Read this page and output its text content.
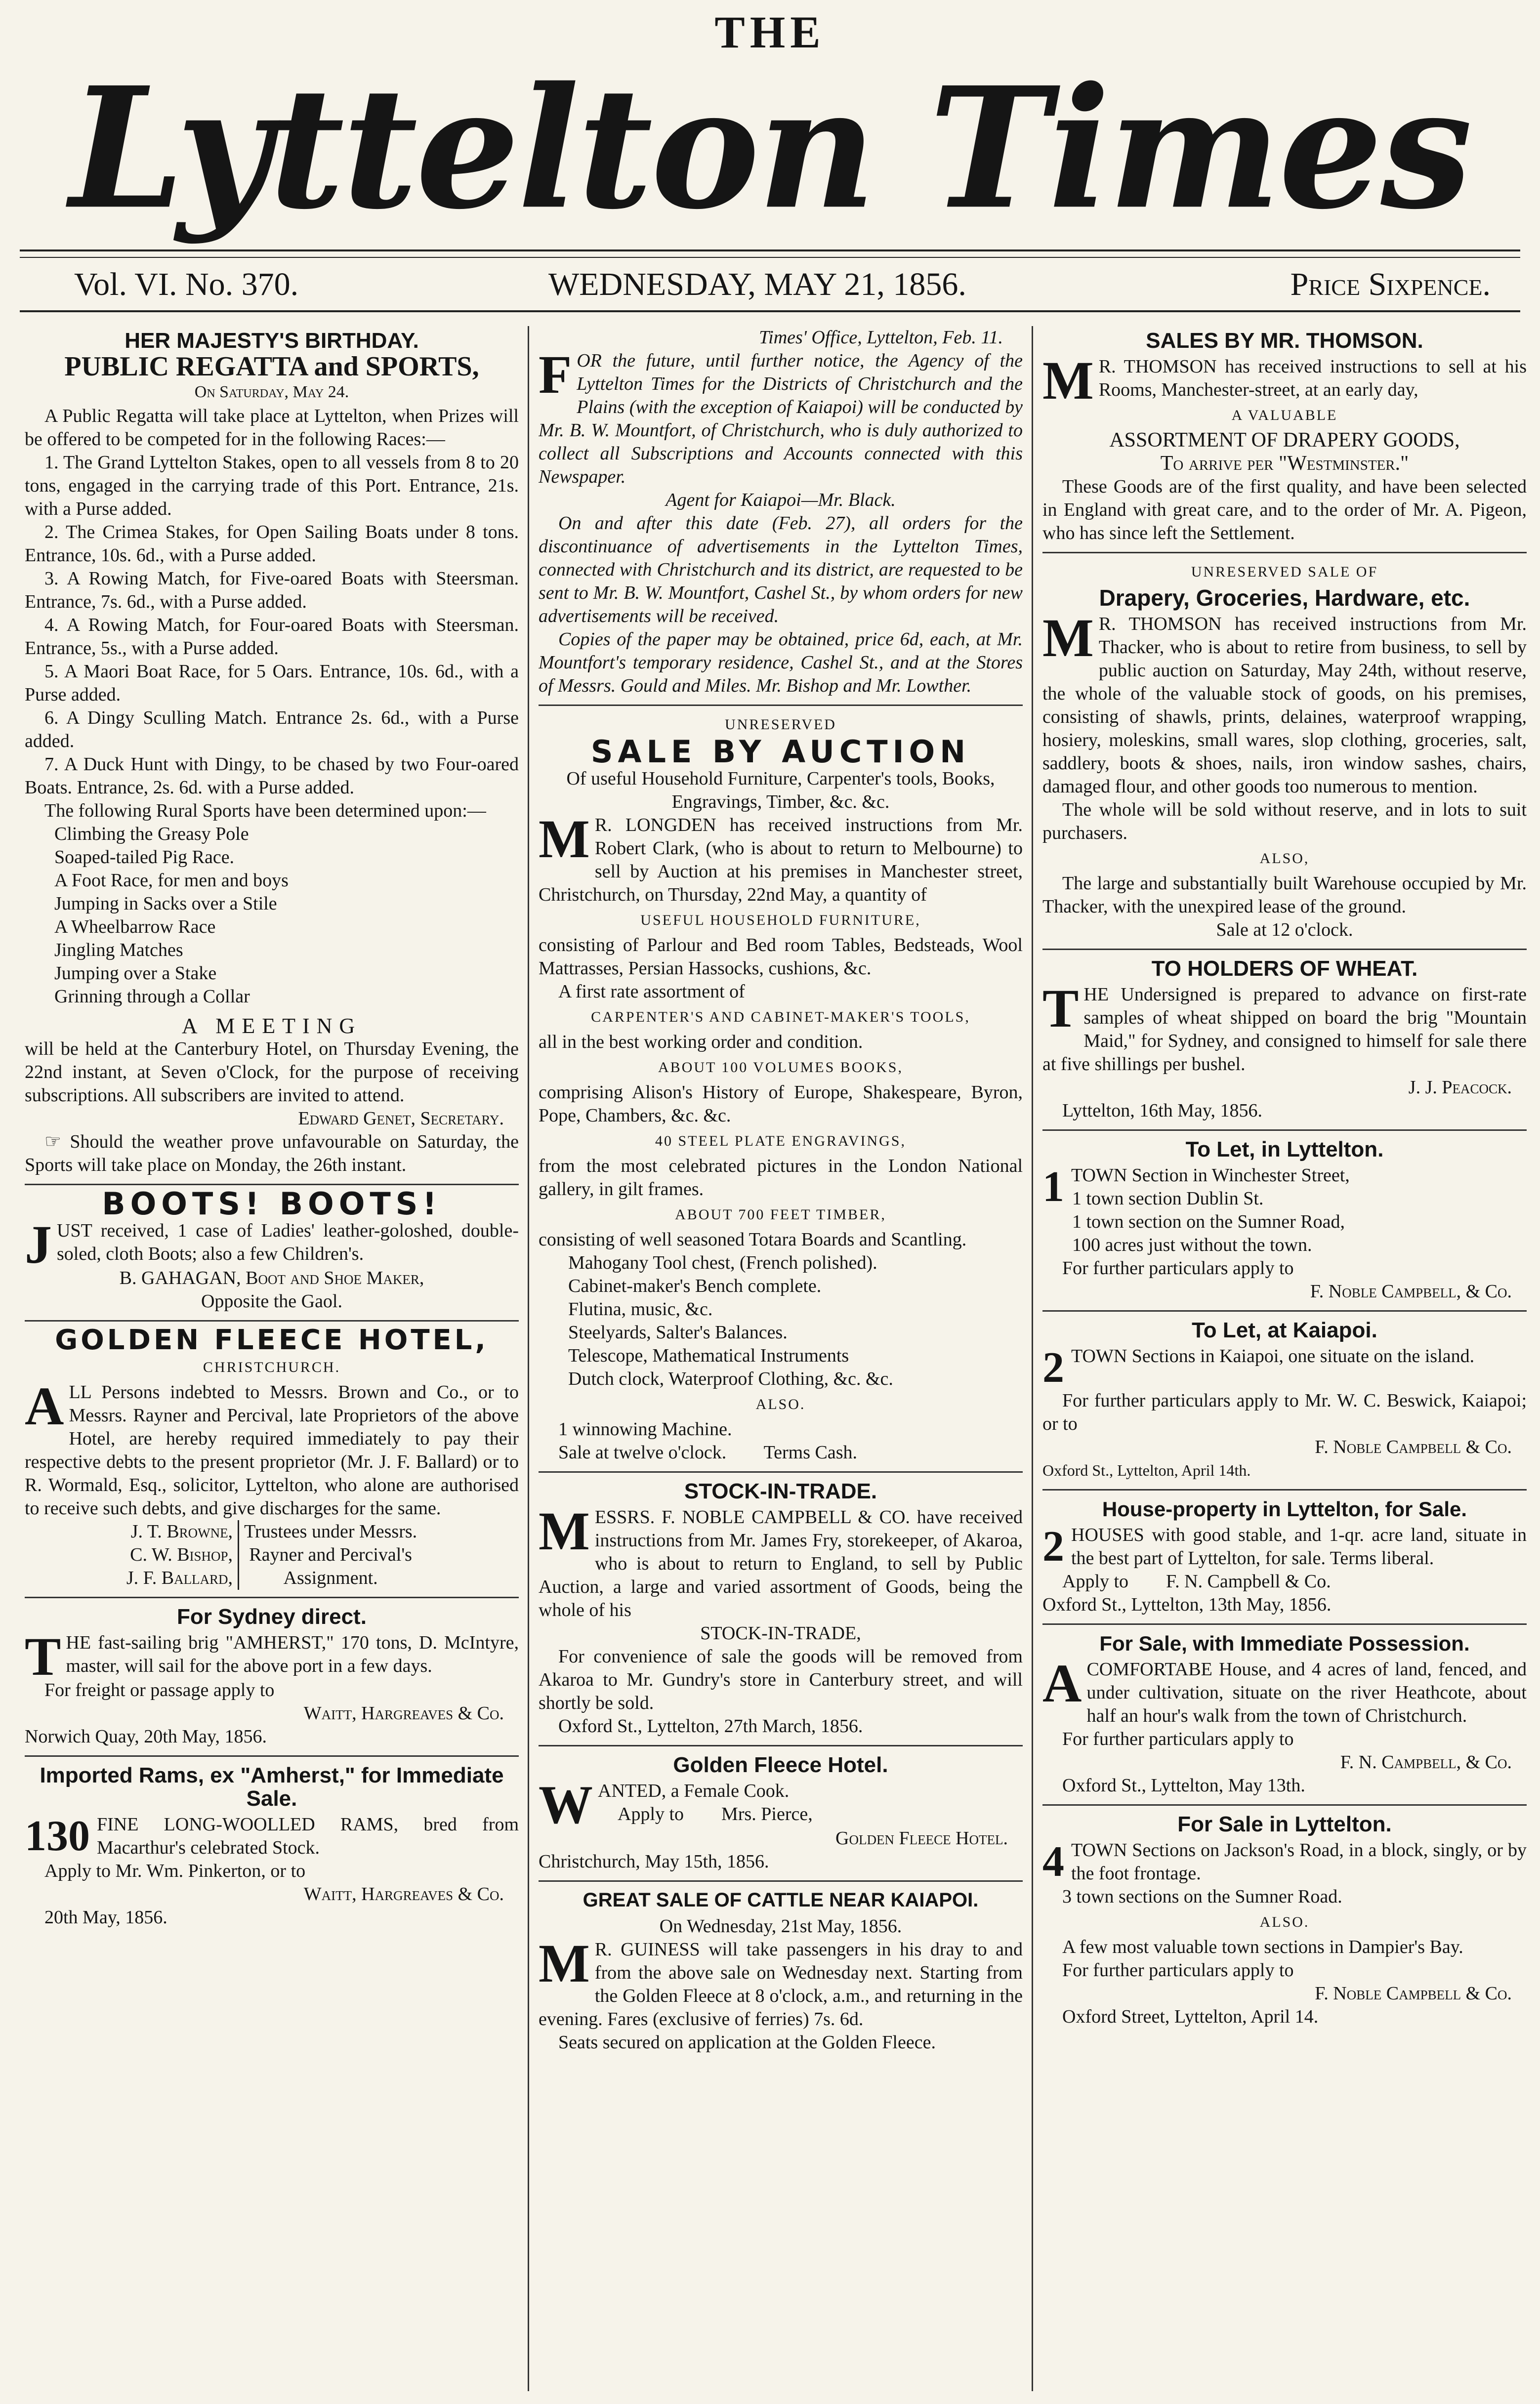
THE
Lyttelton Times
Vol. VI. No. 370.	WEDNESDAY, MAY 21, 1856.	Price Sixpence.
HER MAJESTY'S BIRTHDAY.
PUBLIC REGATTA and SPORTS,
On Saturday, May 24.

A Public Regatta will take place at Lyttelton, when Prizes will be offered to be competed for in the following Races:—

1. The Grand Lyttelton Stakes, open to all vessels from 8 to 20 tons, engaged in the carrying trade of this Port. Entrance, 21s. with a Purse added.

2. The Crimea Stakes, for Open Sailing Boats under 8 tons. Entrance, 10s. 6d., with a Purse added.

3. A Rowing Match, for Five-oared Boats with Steersman. Entrance, 7s. 6d., with a Purse added.

4. A Rowing Match, for Four-oared Boats with Steersman. Entrance, 5s., with a Purse added.

5. A Maori Boat Race, for 5 Oars. Entrance, 10s. 6d., with a Purse added.

6. A Dingy Sculling Match. Entrance 2s. 6d., with a Purse added.

7. A Duck Hunt with Dingy, to be chased by two Four-oared Boats. Entrance, 2s. 6d. with a Purse added.

The following Rural Sports have been determined upon:—

Climbing the Greasy Pole

Soaped-tailed Pig Race.

A Foot Race, for men and boys

Jumping in Sacks over a Stile

A Wheelbarrow Race

Jingling Matches

Jumping over a Stake

Grinning through a Collar

A MEETING

will be held at the Canterbury Hotel, on Thursday Evening, the 22nd instant, at Seven o'Clock, for the purpose of receiving subscriptions. All subscribers are invited to attend.

Edward Genet, Secretary.

☞ Should the weather prove unfavourable on Saturday, the Sports will take place on Monday, the 26th instant.

BOOTS! BOOTS!

JUST received, 1 case of Ladies' leather-goloshed, double-soled, cloth Boots; also a few Children's.

B. GAHAGAN, Boot and Shoe Maker,
Opposite the Gaol.
GOLDEN FLEECE HOTEL,
CHRISTCHURCH.

ALL Persons indebted to Messrs. Brown and Co., or to Messrs. Rayner and Percival, late Proprietors of the above Hotel, are hereby required immediately to pay their respective debts to the present proprietor (Mr. J. F. Ballard) or to R. Wormald, Esq., solicitor, Lyttelton, who alone are authorised to receive such debts, and give discharges for the same.

J. T. Browne,
C. W. Bishop,
J. F. Ballard,
Trustees under Messrs.
Rayner and Percival's
Assignment.
For Sydney direct.

THE fast-sailing brig "AMHERST," 170 tons, D. McIntyre, master, will sail for the above port in a few days.

For freight or passage apply to

Waitt, Hargreaves & Co.

Norwich Quay, 20th May, 1856.

Imported Rams, ex "Amherst," for Immediate Sale.

130 FINE LONG-WOOLLED RAMS, bred from Macarthur's celebrated Stock.

Apply to Mr. Wm. Pinkerton, or to

Waitt, Hargreaves & Co.

20th May, 1856.

Times' Office, Lyttelton, Feb. 11.

FOR the future, until further notice, the Agency of the Lyttelton Times for the Districts of Christchurch and the Plains (with the exception of Kaiapoi) will be conducted by Mr. B. W. Mountfort, of Christchurch, who is duly authorized to collect all Subscriptions and Accounts connected with this Newspaper.

Agent for Kaiapoi—Mr. Black.

On and after this date (Feb. 27), all orders for the discontinuance of advertisements in the Lyttelton Times, connected with Christchurch and its district, are requested to be sent to Mr. B. W. Mountfort, Cashel St., by whom orders for new advertisements will be received.

Copies of the paper may be obtained, price 6d, each, at Mr. Mountfort's temporary residence, Cashel St., and at the Stores of Messrs. Gould and Miles. Mr. Bishop and Mr. Lowther.

UNRESERVED
SALE BY AUCTION
Of useful Household Furniture, Carpenter's tools, Books, Engravings, Timber, &c. &c.

M R. LONGDEN has received instructions from Mr. Robert Clark, (who is about to return to Melbourne) to sell by Auction at his premises in Manchester street, Christchurch, on Thursday, 22nd May, a quantity of

USEFUL HOUSEHOLD FURNITURE,

consisting of Parlour and Bed room Tables, Bedsteads, Wool Mattrasses, Persian Hassocks, cushions, &c.

A first rate assortment of

CARPENTER'S AND CABINET-MAKER'S TOOLS,

all in the best working order and condition.

ABOUT 100 VOLUMES BOOKS,

comprising Alison's History of Europe, Shakespeare, Byron, Pope, Chambers, &c. &c.

40 STEEL PLATE ENGRAVINGS,

from the most celebrated pictures in the London National gallery, in gilt frames.

ABOUT 700 FEET TIMBER,

consisting of well seasoned Totara Boards and Scantling.

Mahogany Tool chest, (French polished).

Cabinet-maker's Bench complete.

Flutina, music, &c.

Steelyards, Salter's Balances.

Telescope, Mathematical Instruments

Dutch clock, Waterproof Clothing, &c. &c.

ALSO.

1 winnowing Machine.

Sale at twelve o'clock.        Terms Cash.

STOCK-IN-TRADE.

MESSRS. F. NOBLE CAMPBELL & CO. have received instructions from Mr. James Fry, storekeeper, of Akaroa, who is about to return to England, to sell by Public Auction, a large and varied assortment of Goods, being the whole of his

STOCK-IN-TRADE,

For convenience of sale the goods will be removed from Akaroa to Mr. Gundry's store in Canterbury street, and will shortly be sold.

Oxford St., Lyttelton, 27th March, 1856.

Golden Fleece Hotel.

WANTED, a Female Cook.

Apply to        Mrs. Pierce,

Golden Fleece Hotel.

Christchurch, May 15th, 1856.

GREAT SALE OF CATTLE NEAR KAIAPOI.
On Wednesday, 21st May, 1856.

M R. GUINESS will take passengers in his dray to and from the above sale on Wednesday next. Starting from the Golden Fleece at 8 o'clock, a.m., and returning in the evening. Fares (exclusive of ferries) 7s. 6d.

Seats secured on application at the Golden Fleece.

SALES BY MR. THOMSON.

M R. THOMSON has received instructions to sell at his Rooms, Manchester-street, at an early day,

A VALUABLE
ASSORTMENT OF DRAPERY GOODS,
To arrive per "Westminster."

These Goods are of the first quality, and have been selected in England with great care, and to the order of Mr. A. Pigeon, who has since left the Settlement.

UNRESERVED SALE OF
Drapery, Groceries, Hardware, etc.

M R. THOMSON has received instructions from Mr. Thacker, who is about to retire from business, to sell by public auction on Saturday, May 24th, without reserve, the whole of the valuable stock of goods, on his premises, consisting of shawls, prints, delaines, waterproof wrapping, hosiery, moleskins, small wares, slop clothing, groceries, salt, saddlery, boots & shoes, nails, iron window sashes, chairs, damaged flour, and other goods too numerous to mention.

The whole will be sold without reserve, and in lots to suit purchasers.

ALSO,

The large and substantially built Warehouse occupied by Mr. Thacker, with the unexpired lease of the ground.

Sale at 12 o'clock.
TO HOLDERS OF WHEAT.

THE Undersigned is prepared to advance on first-rate samples of wheat shipped on board the brig "Mountain Maid," for Sydney, and consigned to himself for sale there at five shillings per bushel.

J. J. Peacock.

Lyttelton, 16th May, 1856.

To Let, in Lyttelton.

1 TOWN Section in Winchester Street,

1 town section Dublin St.

1 town section on the Sumner Road,

100 acres just without the town.

For further particulars apply to

F. Noble Campbell, & Co.
To Let, at Kaiapoi.

2 TOWN Sections in Kaiapoi, one situate on the island.

For further particulars apply to Mr. W. C. Beswick, Kaiapoi; or to

F. Noble Campbell & Co.

Oxford St., Lyttelton, April 14th.

House-property in Lyttelton, for Sale.

2 HOUSES with good stable, and 1-qr. acre land, situate in the best part of Lyttelton, for sale. Terms liberal.

Apply to        F. N. Campbell & Co.

Oxford St., Lyttelton, 13th May, 1856.

For Sale, with Immediate Possession.

ACOMFORTABE House, and 4 acres of land, fenced, and under cultivation, situate on the river Heathcote, about half an hour's walk from the town of Christchurch.

For further particulars apply to

F. N. Campbell, & Co.

Oxford St., Lyttelton, May 13th.

For Sale in Lyttelton.

4 TOWN Sections on Jackson's Road, in a block, singly, or by the foot frontage.

3 town sections on the Sumner Road.

ALSO.

A few most valuable town sections in Dampier's Bay.

For further particulars apply to

F. Noble Campbell & Co.

Oxford Street, Lyttelton, April 14.
